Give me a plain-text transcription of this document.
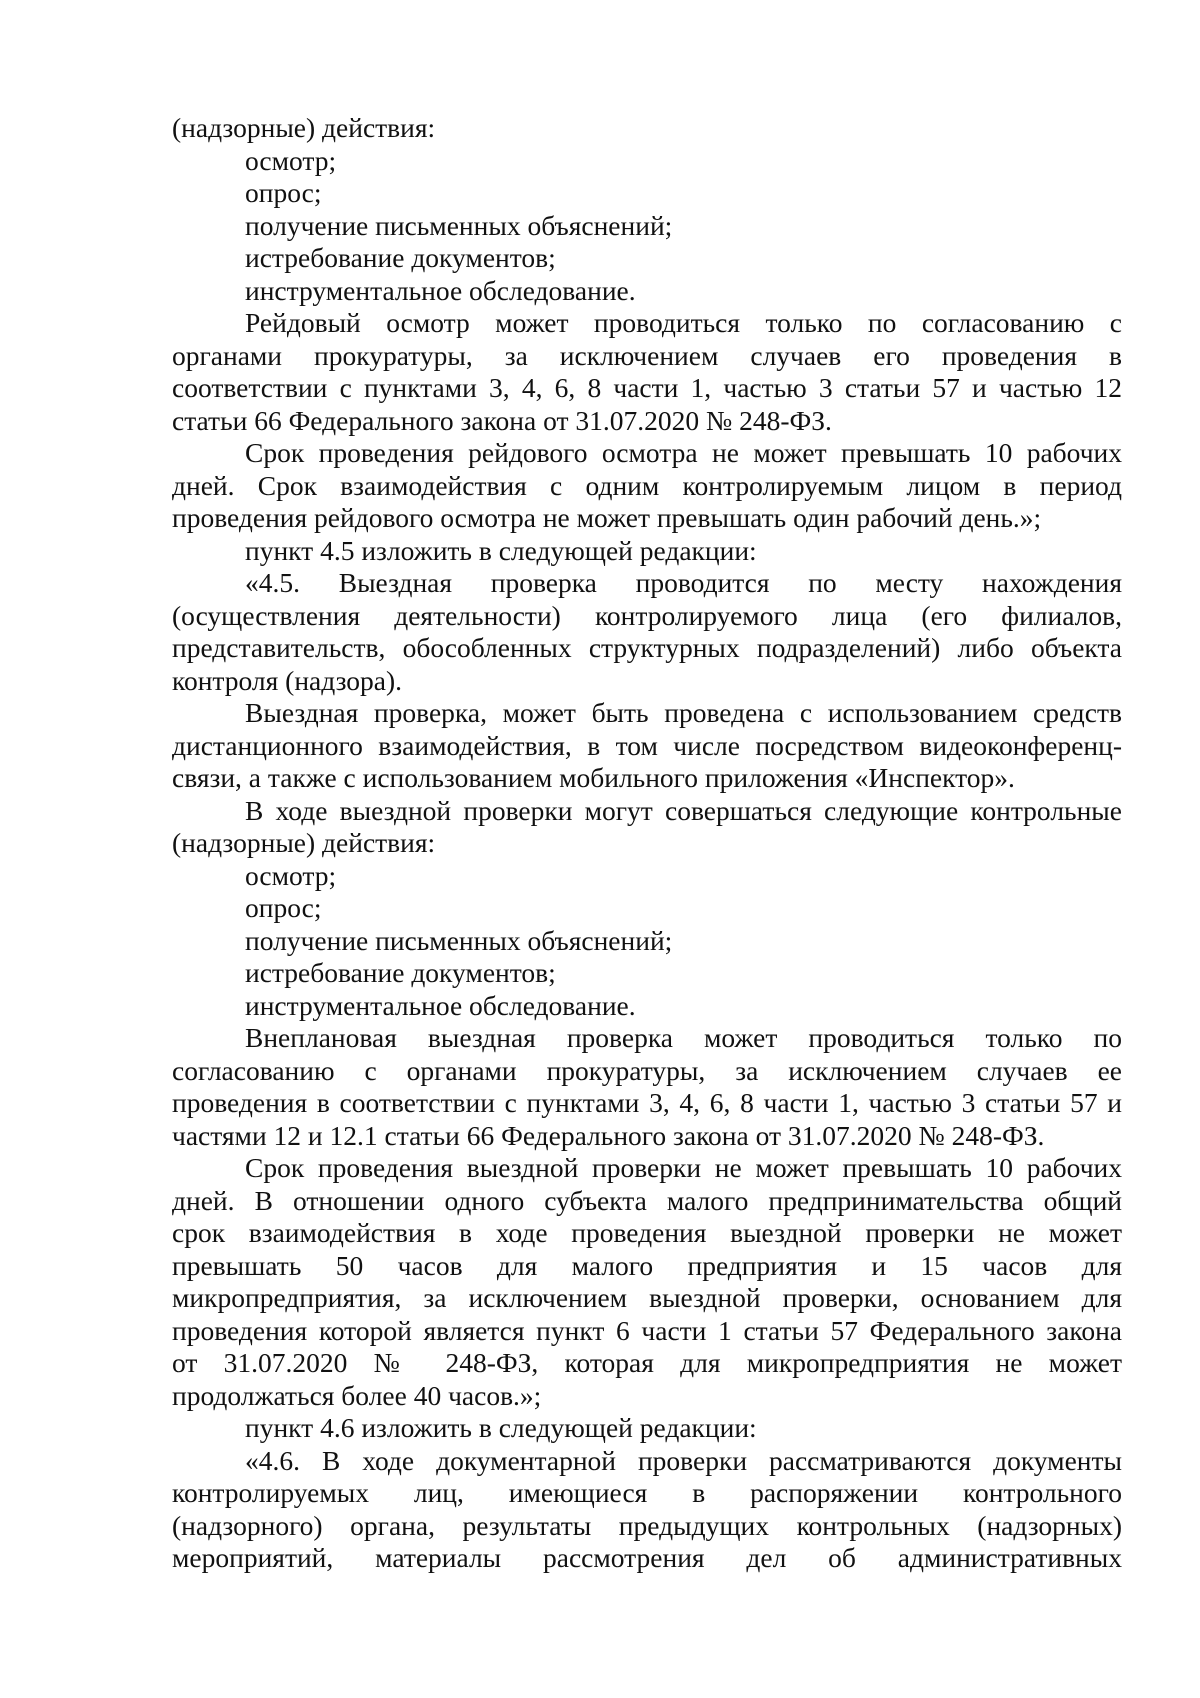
(надзорные) действия:
осмотр;
опрос;
получение письменных объяснений;
истребование документов;
инструментальное обследование.
Рейдовый осмотр может проводиться только по согласованию с
органами прокуратуры, за исключением случаев его проведения в
соответствии с пунктами 3, 4, 6, 8 части 1, частью 3 статьи 57 и частью 12
статьи 66 Федерального закона от 31.07.2020 № 248-ФЗ.
Срок проведения рейдового осмотра не может превышать 10 рабочих
дней. Срок взаимодействия с одним контролируемым лицом в период
проведения рейдового осмотра не может превышать один рабочий день.»;
пункт 4.5 изложить в следующей редакции:
«4.5. Выездная проверка проводится по месту нахождения
(осуществления деятельности) контролируемого лица (его филиалов,
представительств, обособленных структурных подразделений) либо объекта
контроля (надзора).
Выездная проверка, может быть проведена с использованием средств
дистанционного взаимодействия, в том числе посредством видеоконференц-
связи, а также с использованием мобильного приложения «Инспектор».
В ходе выездной проверки могут совершаться следующие контрольные
(надзорные) действия:
осмотр;
опрос;
получение письменных объяснений;
истребование документов;
инструментальное обследование.
Внеплановая выездная проверка может проводиться только по
согласованию с органами прокуратуры, за исключением случаев ее
проведения в соответствии с пунктами 3, 4, 6, 8 части 1, частью 3 статьи 57 и
частями 12 и 12.1 статьи 66 Федерального закона от 31.07.2020 № 248-ФЗ.
Срок проведения выездной проверки не может превышать 10 рабочих
дней. В отношении одного субъекта малого предпринимательства общий
срок взаимодействия в ходе проведения выездной проверки не может
превышать 50 часов для малого предприятия и 15 часов для
микропредприятия, за исключением выездной проверки, основанием для
проведения которой является пункт 6 части 1 статьи 57 Федерального закона
от 31.07.2020 № 248-ФЗ, которая для микропредприятия не может
продолжаться более 40 часов.»;
пункт 4.6 изложить в следующей редакции:
«4.6. В ходе документарной проверки рассматриваются документы
контролируемых лиц, имеющиеся в распоряжении контрольного
(надзорного) органа, результаты предыдущих контрольных (надзорных)
мероприятий, материалы рассмотрения дел об административных
